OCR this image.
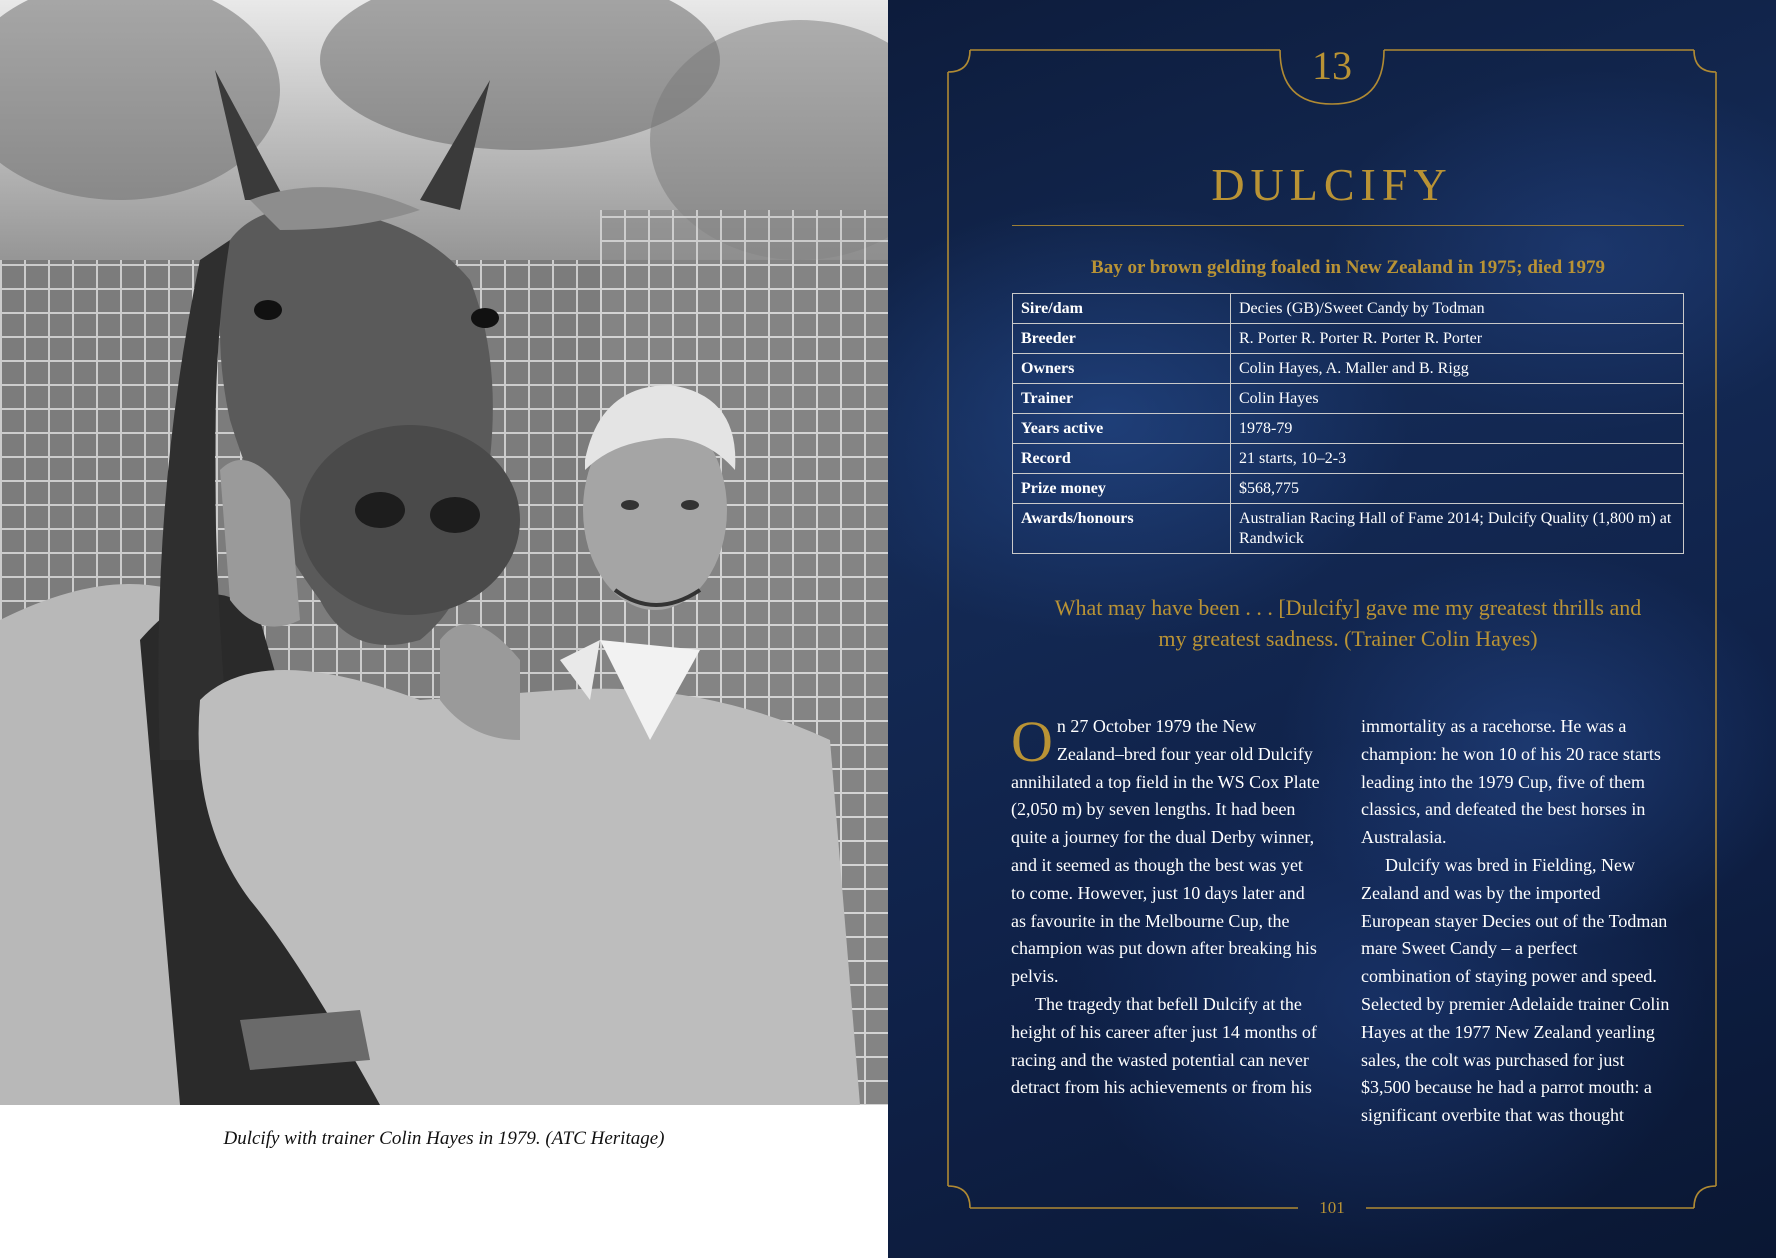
Dulcify with trainer Colin Hayes in 1979. (ATC Heritage)
13
DULCIFY
Bay or brown gelding foaled in New Zealand in 1975; died 1979
Sire/dam	Decies (GB)/Sweet Candy by Todman
Breeder	R. Porter R. Porter R. Porter R. Porter
Owners	Colin Hayes, A. Maller and B. Rigg
Trainer	Colin Hayes
Years active	1978-79
Record	21 starts, 10–2-3
Prize money	$568,775
Awards/honours	Australian Racing Hall of Fame 2014; Dulcify Quality (1,800 m) at Randwick
What may have been . . . [Dulcify] gave me my greatest thrills and my greatest sadness. (Trainer Colin Hayes)

On 27 October 1979 the New Zealand–bred four year old Dulcify annihilated a top field in the WS Cox Plate (2,050 m) by seven lengths. It had been quite a journey for the dual Derby winner, and it seemed as though the best was yet to come. However, just 10 days later and as favourite in the Melbourne Cup, the champion was put down after breaking his pelvis.

The tragedy that befell Dulcify at the height of his career after just 14 months of racing and the wasted potential can never detract from his achievements or from his

immortality as a racehorse. He was a champion: he won 10 of his 20 race starts leading into the 1979 Cup, five of them classics, and defeated the best horses in Australasia.

Dulcify was bred in Fielding, New Zealand and was by the imported European stayer Decies out of the Todman mare Sweet Candy – a perfect combination of staying power and speed. Selected by premier Adelaide trainer Colin Hayes at the 1977 New Zealand yearling sales, the colt was purchased for just $3,500 because he had a parrot mouth: a significant overbite that was thought

101
